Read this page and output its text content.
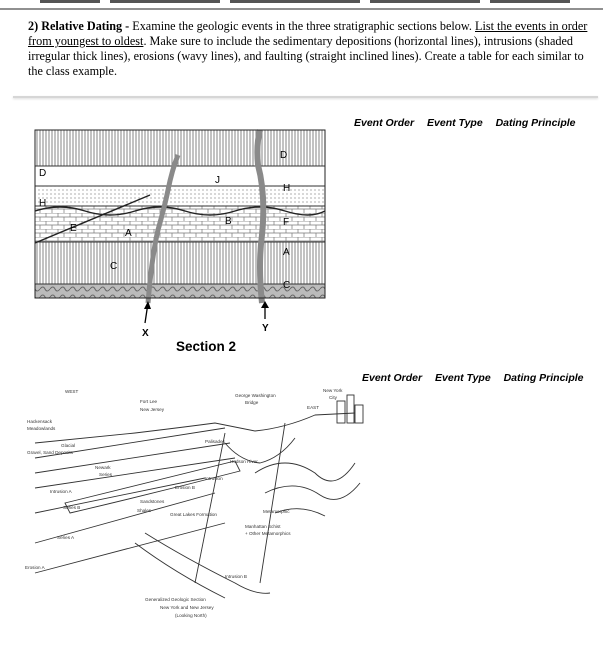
2) Relative Dating - Examine the geologic events in the three stratigraphic sections below. List the events in order from youngest to oldest. Make sure to include the sedimentary depositions (horizontal lines), intrusions (shaded irregular thick lines), erosions (wavy lines), and faulting (straight inclined lines). Create a table for each similar to the class example.
Event Order Event Type Dating Principle
Event Order Event Type Dating Principle
D
H
E	A
B
C
J
D
H
F
A
C
X	Y
Section 2
WEST
EAST
Fort Lee
New Jersey
George Washington
Bridge
New York
City
Hackensack
Meadowlands
Gravel, Sand Deposits
Glacial
Newark
Series
Palisades
Hudson River
Manhattan Schist
+ Other Metamorphics
Metamorphic
Erosion A
Erosion B
Intrusion
Series A
Series B
Sandstones
Shales
Great Lakes Formation
Intrusion A
Intrusion B
Generalized Geologic Section
New York and New Jersey
(Looking North)
